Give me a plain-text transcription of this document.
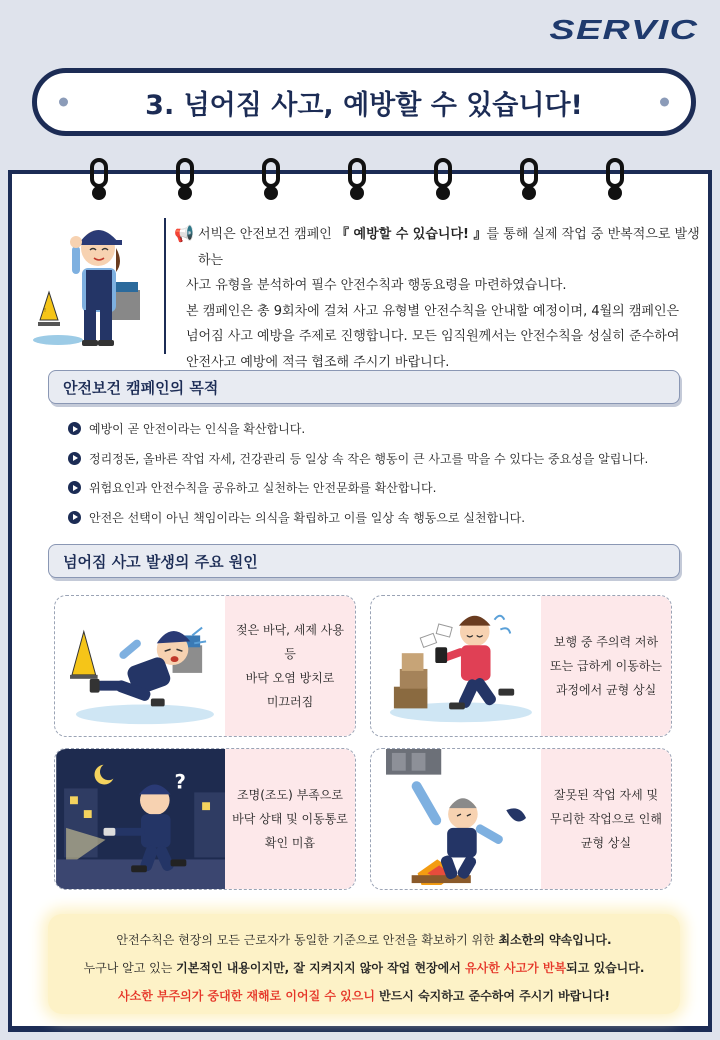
SERVIC
3. 넘어짐 사고, 예방할 수 있습니다!
!
📢 서빅은 안전보건 캠페인 『 예방할 수 있습니다! 』를 통해 실제 작업 중 반복적으로 발생하는
사고 유형을 분석하여 필수 안전수칙과 행동요령을 마련하였습니다.
본 캠페인은 총 9회차에 걸쳐 사고 유형별 안전수칙을 안내할 예정이며, 4월의 캠페인은
넘어짐 사고 예방을 주제로 진행합니다. 모든 임직원께서는 안전수칙을 성실히 준수하여
안전사고 예방에 적극 협조해 주시기 바랍니다.
안전보건 캠페인의 목적
예방이 곧 안전이라는 인식을 확산합니다.
정리정돈, 올바른 작업 자세, 건강관리 등 일상 속 작은 행동이 큰 사고를 막을 수 있다는 중요성을 알립니다.
위험요인과 안전수칙을 공유하고 실천하는 안전문화를 확산합니다.
안전은 선택이 아닌 책임이라는 의식을 확립하고 이를 일상 속 행동으로 실천합니다.
넘어짐 사고 발생의 주요 원인
젖은 바닥, 세제 사용 등
바닥 오염 방치로
미끄러짐
보행 중 주의력 저하
또는 급하게 이동하는
과정에서 균형 상실
?
조명(조도) 부족으로
바닥 상태 및 이동통로
확인 미흡
잘못된 작업 자세 및
무리한 작업으로 인해
균형 상실

안전수칙은 현장의 모든 근로자가 동일한 기준으로 안전을 확보하기 위한 최소한의 약속입니다.

누구나 알고 있는 기본적인 내용이지만, 잘 지켜지지 않아 작업 현장에서 유사한 사고가 반복되고 있습니다.

사소한 부주의가 중대한 재해로 이어질 수 있으니 반드시 숙지하고 준수하여 주시기 바랍니다!
